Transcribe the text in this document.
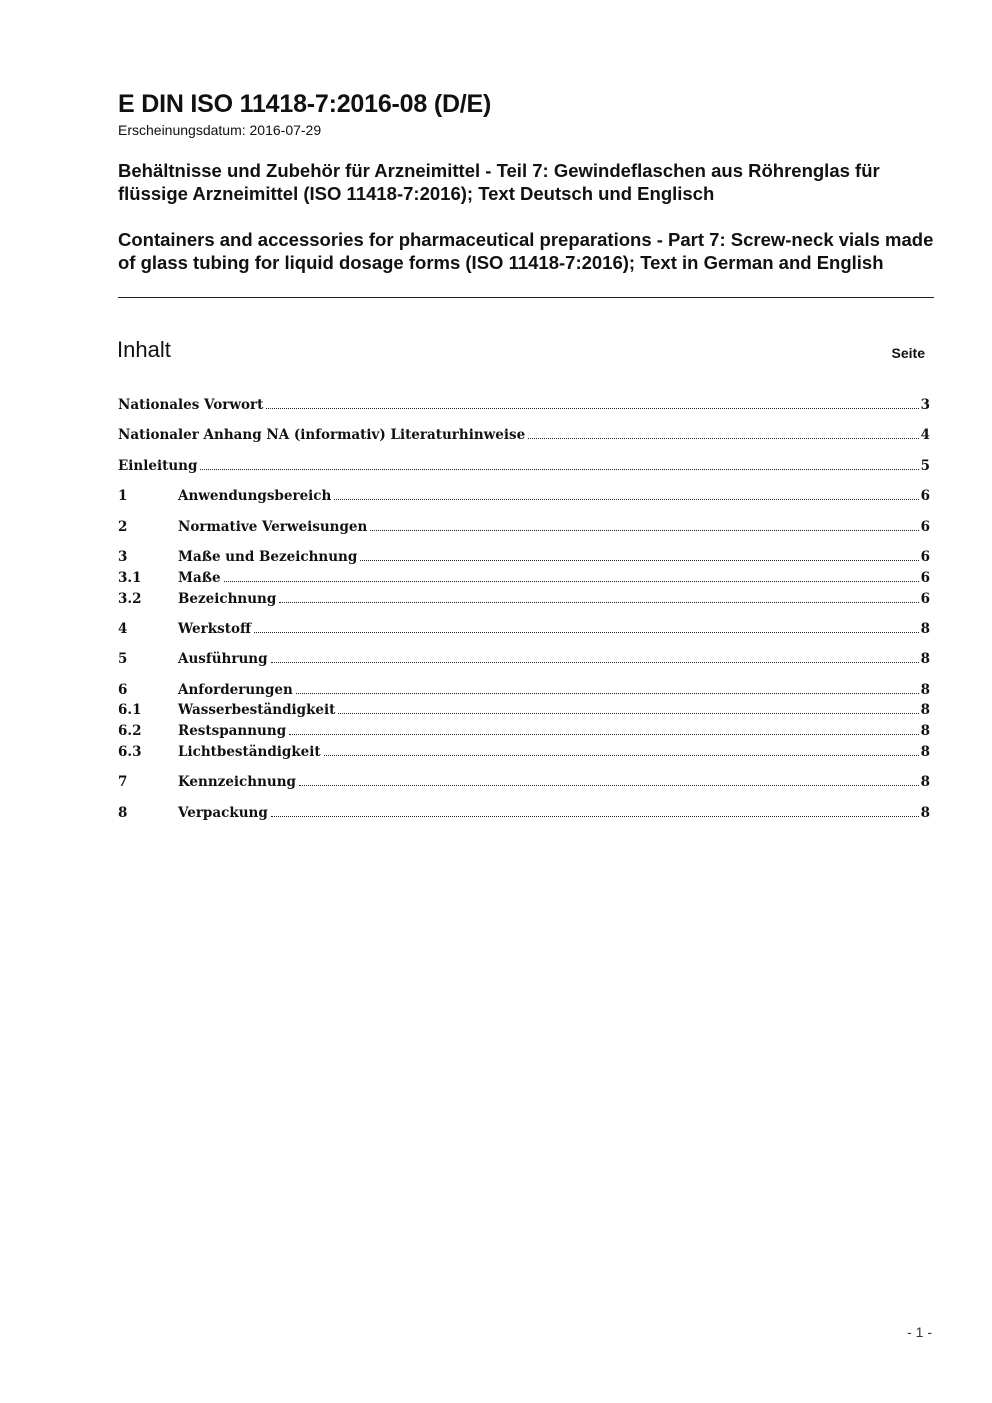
E DIN ISO 11418-7:2016-08 (D/E)
Erscheinungsdatum: 2016-07-29
Behältnisse und Zubehör für Arzneimittel - Teil 7: Gewindeflaschen aus Röhrenglas für flüssige Arzneimittel (ISO 11418-7:2016); Text Deutsch und Englisch
Containers and accessories for pharmaceutical preparations - Part 7: Screw-neck vials made of glass tubing for liquid dosage forms (ISO 11418-7:2016); Text in German and English
Inhalt	Seite
Nationales Vorwort	3
Nationaler Anhang NA (informativ) Literaturhinweise	4
Einleitung	5
1	Anwendungsbereich	6
2	Normative Verweisungen	6
3	Maße und Bezeichnung	6
3.1	Maße	6
3.2	Bezeichnung	6
4	Werkstoff	8
5	Ausführung	8
6	Anforderungen	8
6.1	Wasserbeständigkeit	8
6.2	Restspannung	8
6.3	Lichtbeständigkeit	8
7	Kennzeichnung	8
8	Verpackung	8
- 1 -
